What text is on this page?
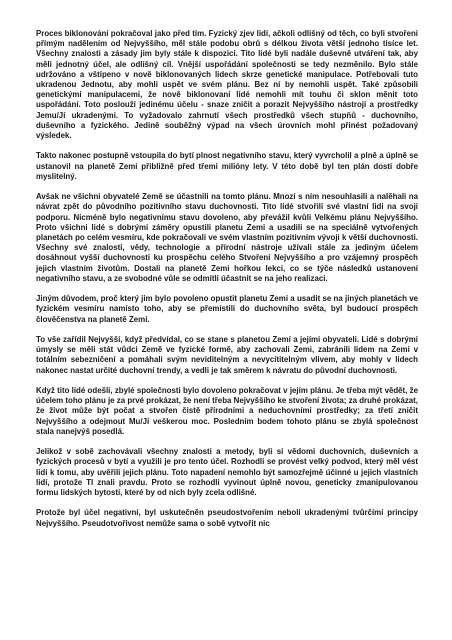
Proces biklonování pokračoval jako před tím. Fyzický zjev lidí, ačkoli odlišný od těch, co byli stvořeni přímým nadělením od Nejvyššího, měl stále podobu obrů s délkou života větší jednoho tisíce let. Všechny znalosti a zásady jim byly stále k dispozici. Tito lidé byli nadále duševně utváření tak, aby měli jednotný účel, ale odlišný cíl. Vnější uspořádání společnosti se tedy nezměnilo. Bylo stále udržováno a vštípeno v nově biklonovaných lidech skrze genetické manipulace. Potřebovali tuto ukradenou Jednotu, aby mohli uspět ve svém plánu. Bez ní by nemohli uspět. Také způsobili genetickými manipulacemi, že nově biklonovaní lidé nemohli mít touhu či sklon měnit toto uspořádání. Toto poslouží jedinému účelu - snaze zničit a porazit Nejvyššího nástroji a prostředky Jemu/Jí ukradenými. To vyžadovalo zahrnutí všech prostředků všech stupňů - duchovního, duševního a fyzického. Jedině souběžný výpad na všech úrovních mohl přinést požadovaný výsledek.

Takto nakonec postupně vstoupila do bytí plnost negativního stavu, který vyvrcholil a plně a úplně se ustanovil na planetě Zemi přibližně před třemi milióny lety. V této době byl ten plán dosti dobře myslitelný.

Avšak ne všichni obyvatelé Země se účastnili na tomto plánu. Mnozí s ním nesouhlasili a nalěhali na návrat zpět do původního pozitivního stavu duchovnosti. Tito lidé stvořili své vlastní lidi na svoji podporu. Nicméně bylo negativnímu stavu dovoleno, aby převážil kvůli Velkému plánu Nejvyššího. Proto všichni lidé s dobrými záměry opustili planetu Zemi a usadili se na speciálně vytvořených planetách po celém vesmíru, kde pokračovali ve svém vlastním pozitivním vývoji k větší duchovnosti. Všechny své znalosti, vědy, technologie a přírodní nástroje užívali stále za jediným účelem dosáhnout vyšší duchovnosti ku prospěchu celého Stvoření Nejvyššího a pro vzájemný prospěch jejich vlastním životům. Dostali na planetě Zemi hořkou lekci, co se týče následků ustanovení negativního stavu, a ze svobodné vůle se odmítli účastnit se na jeho realizaci.

Jiným důvodem, proč který jim bylo povoleno opustit planetu Zemi a usadit se na jiných planetách ve fyzickém vesmíru namísto toho, aby se přemístili do duchovního světa, byl budoucí prospěch člověčenstva na planetě Zemi.

To vše zařídil Nejvyšší, když předvídal, co se stane s planetou Zemí a jejími obyvateli. Lidé s dobrými úmysly se měli stát vůdci Země ve fyzické formě, aby zachovali Zemi, zabránili lidem na Zemi v totálním sebezničení a pomáhali svým neviditelným a nevycítitelným vlivem, aby mohly v lidech nakonec nastat určité duchovní trendy, a vedli je tak směrem k návratu do původní duchovnosti.

Když tito lidé odešli, zbylé společnosti bylo dovoleno pokračovat v jejím plánu. Je třeba mýt vědět, že účelem toho plánu je za prvé prokázat, že není třeba Nejvyššího ke stvoření života; za druhé prokázat, že život může být počat a stvořen čistě přírodními a neduchovními prostředky; za třetí zničit Nejvyššího a odejmout Mu/Jí veškerou moc. Posledním bodem tohoto plánu se zbylá společnost stala nanejvýš posedlá.

Jelikož v sobě zachovávali všechny znalosti a metody, byli si vědomi duchovních, duševních a fyzických procesů v bytí a využili je pro tento účel. Rozhodli se provést velký podvod, který měl vést lidi k tomu, aby uvěřili jejich plánu. Toto napadení nemohlo být samozřejmě účinné u jejich vlastních lidí, protože TI znali pravdu. Proto se rozhodli vyvinout úplně novou, geneticky zmanipulovanou formu lidských bytostí, které by od nich byly zcela odlišné.

Protože byl účel negativní, byl uskutečněn pseudostvořením neboli ukradenými tvůrčími principy Nejvyššího. Pseudotvořivost nemůže sama o sobě vytvořit nic
